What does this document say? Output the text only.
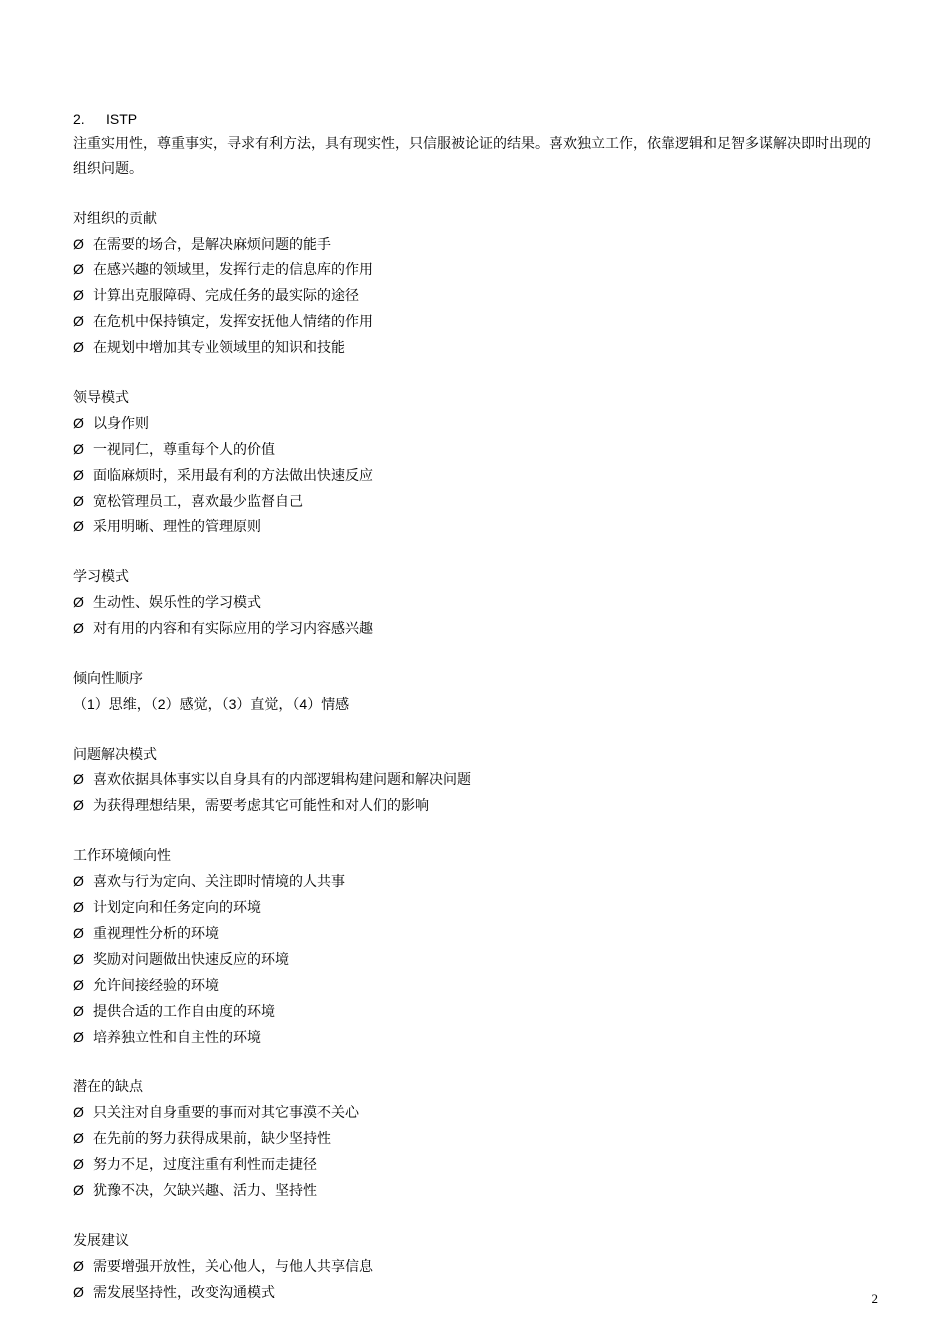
2. ISTP

注重实用性，尊重事实，寻求有利方法，具有现实性，只信服被论证的结果。喜欢独立工作，依靠逻辑和足智多谋解决即时出现的组织问题。

对组织的贡献
Ø 在需要的场合，是解决麻烦问题的能手
Ø 在感兴趣的领域里，发挥行走的信息库的作用
Ø 计算出克服障碍、完成任务的最实际的途径
Ø 在危机中保持镇定，发挥安抚他人情绪的作用
Ø 在规划中增加其专业领域里的知识和技能
领导模式
Ø 以身作则
Ø 一视同仁，尊重每个人的价值
Ø 面临麻烦时，采用最有利的方法做出快速反应
Ø 宽松管理员工，喜欢最少监督自己
Ø 采用明晰、理性的管理原则
学习模式
Ø 生动性、娱乐性的学习模式
Ø 对有用的内容和有实际应用的学习内容感兴趣
倾向性顺序
（1）思维，（2）感觉，（3）直觉，（4）情感
问题解决模式
Ø 喜欢依据具体事实以自身具有的内部逻辑构建问题和解决问题
Ø 为获得理想结果，需要考虑其它可能性和对人们的影响
工作环境倾向性
Ø 喜欢与行为定向、关注即时情境的人共事
Ø 计划定向和任务定向的环境
Ø 重视理性分析的环境
Ø 奖励对问题做出快速反应的环境
Ø 允许间接经验的环境
Ø 提供合适的工作自由度的环境
Ø 培养独立性和自主性的环境
潜在的缺点
Ø 只关注对自身重要的事而对其它事漠不关心
Ø 在先前的努力获得成果前，缺少坚持性
Ø 努力不足，过度注重有利性而走捷径
Ø 犹豫不决，欠缺兴趣、活力、坚持性
发展建议
Ø 需要增强开放性，关心他人，与他人共享信息
Ø 需发展坚持性，改变沟通模式	2
